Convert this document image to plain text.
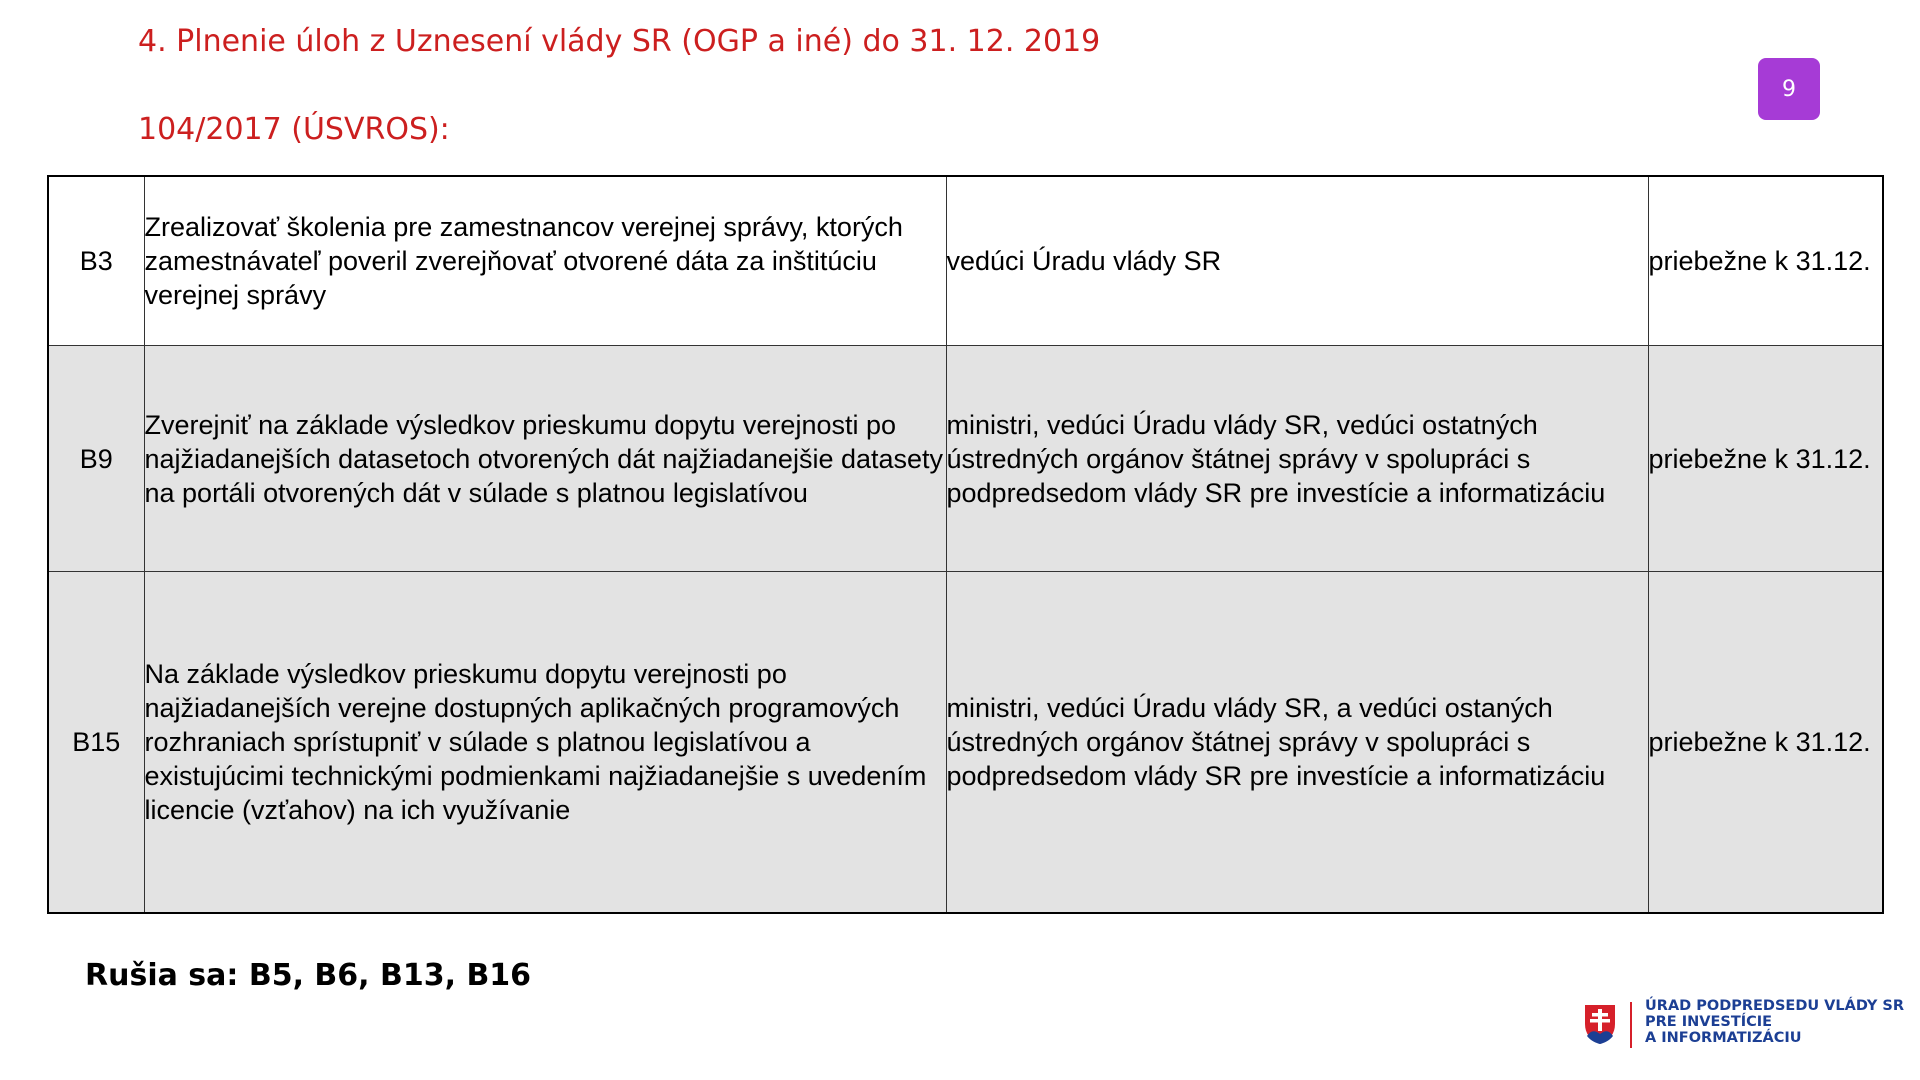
4. Plnenie úloh z Uznesení vlády SR (OGP a iné) do 31. 12. 2019
104/2017 (ÚSVROS):
9
B3	Zrealizovať školenia pre zamestnancov verejnej správy, ktorých zamestnávateľ poveril zverejňovať otvorené dáta za inštitúciu verejnej správy	vedúci Úradu vlády SR	priebežne k 31.12.
B9	Zverejniť na základe výsledkov prieskumu dopytu verejnosti po najžiadanejších datasetoch otvorených dát najžiadanejšie datasety na portáli otvorených dát v súlade s platnou legislatívou	ministri, vedúci Úradu vlády SR, vedúci ostatných ústredných orgánov štátnej správy v spolupráci s podpredsedom vlády SR pre investície a informatizáciu	priebežne k 31.12.
B15	Na základe výsledkov prieskumu dopytu verejnosti po najžiadanejších verejne dostupných aplikačných programových rozhraniach sprístupniť v súlade s platnou legislatívou a existujúcimi technickými podmienkami najžiadanejšie s uvedením licencie (vzťahov) na ich využívanie	ministri, vedúci Úradu vlády SR, a vedúci ostaných ústredných orgánov štátnej správy v spolupráci s podpredsedom vlády SR pre investície a informatizáciu	priebežne k 31.12.
Rušia sa: B5, B6, B13, B16
ÚRAD PODPREDSEDU VLÁDY SR
PRE INVESTÍCIE
A INFORMATIZÁCIU
